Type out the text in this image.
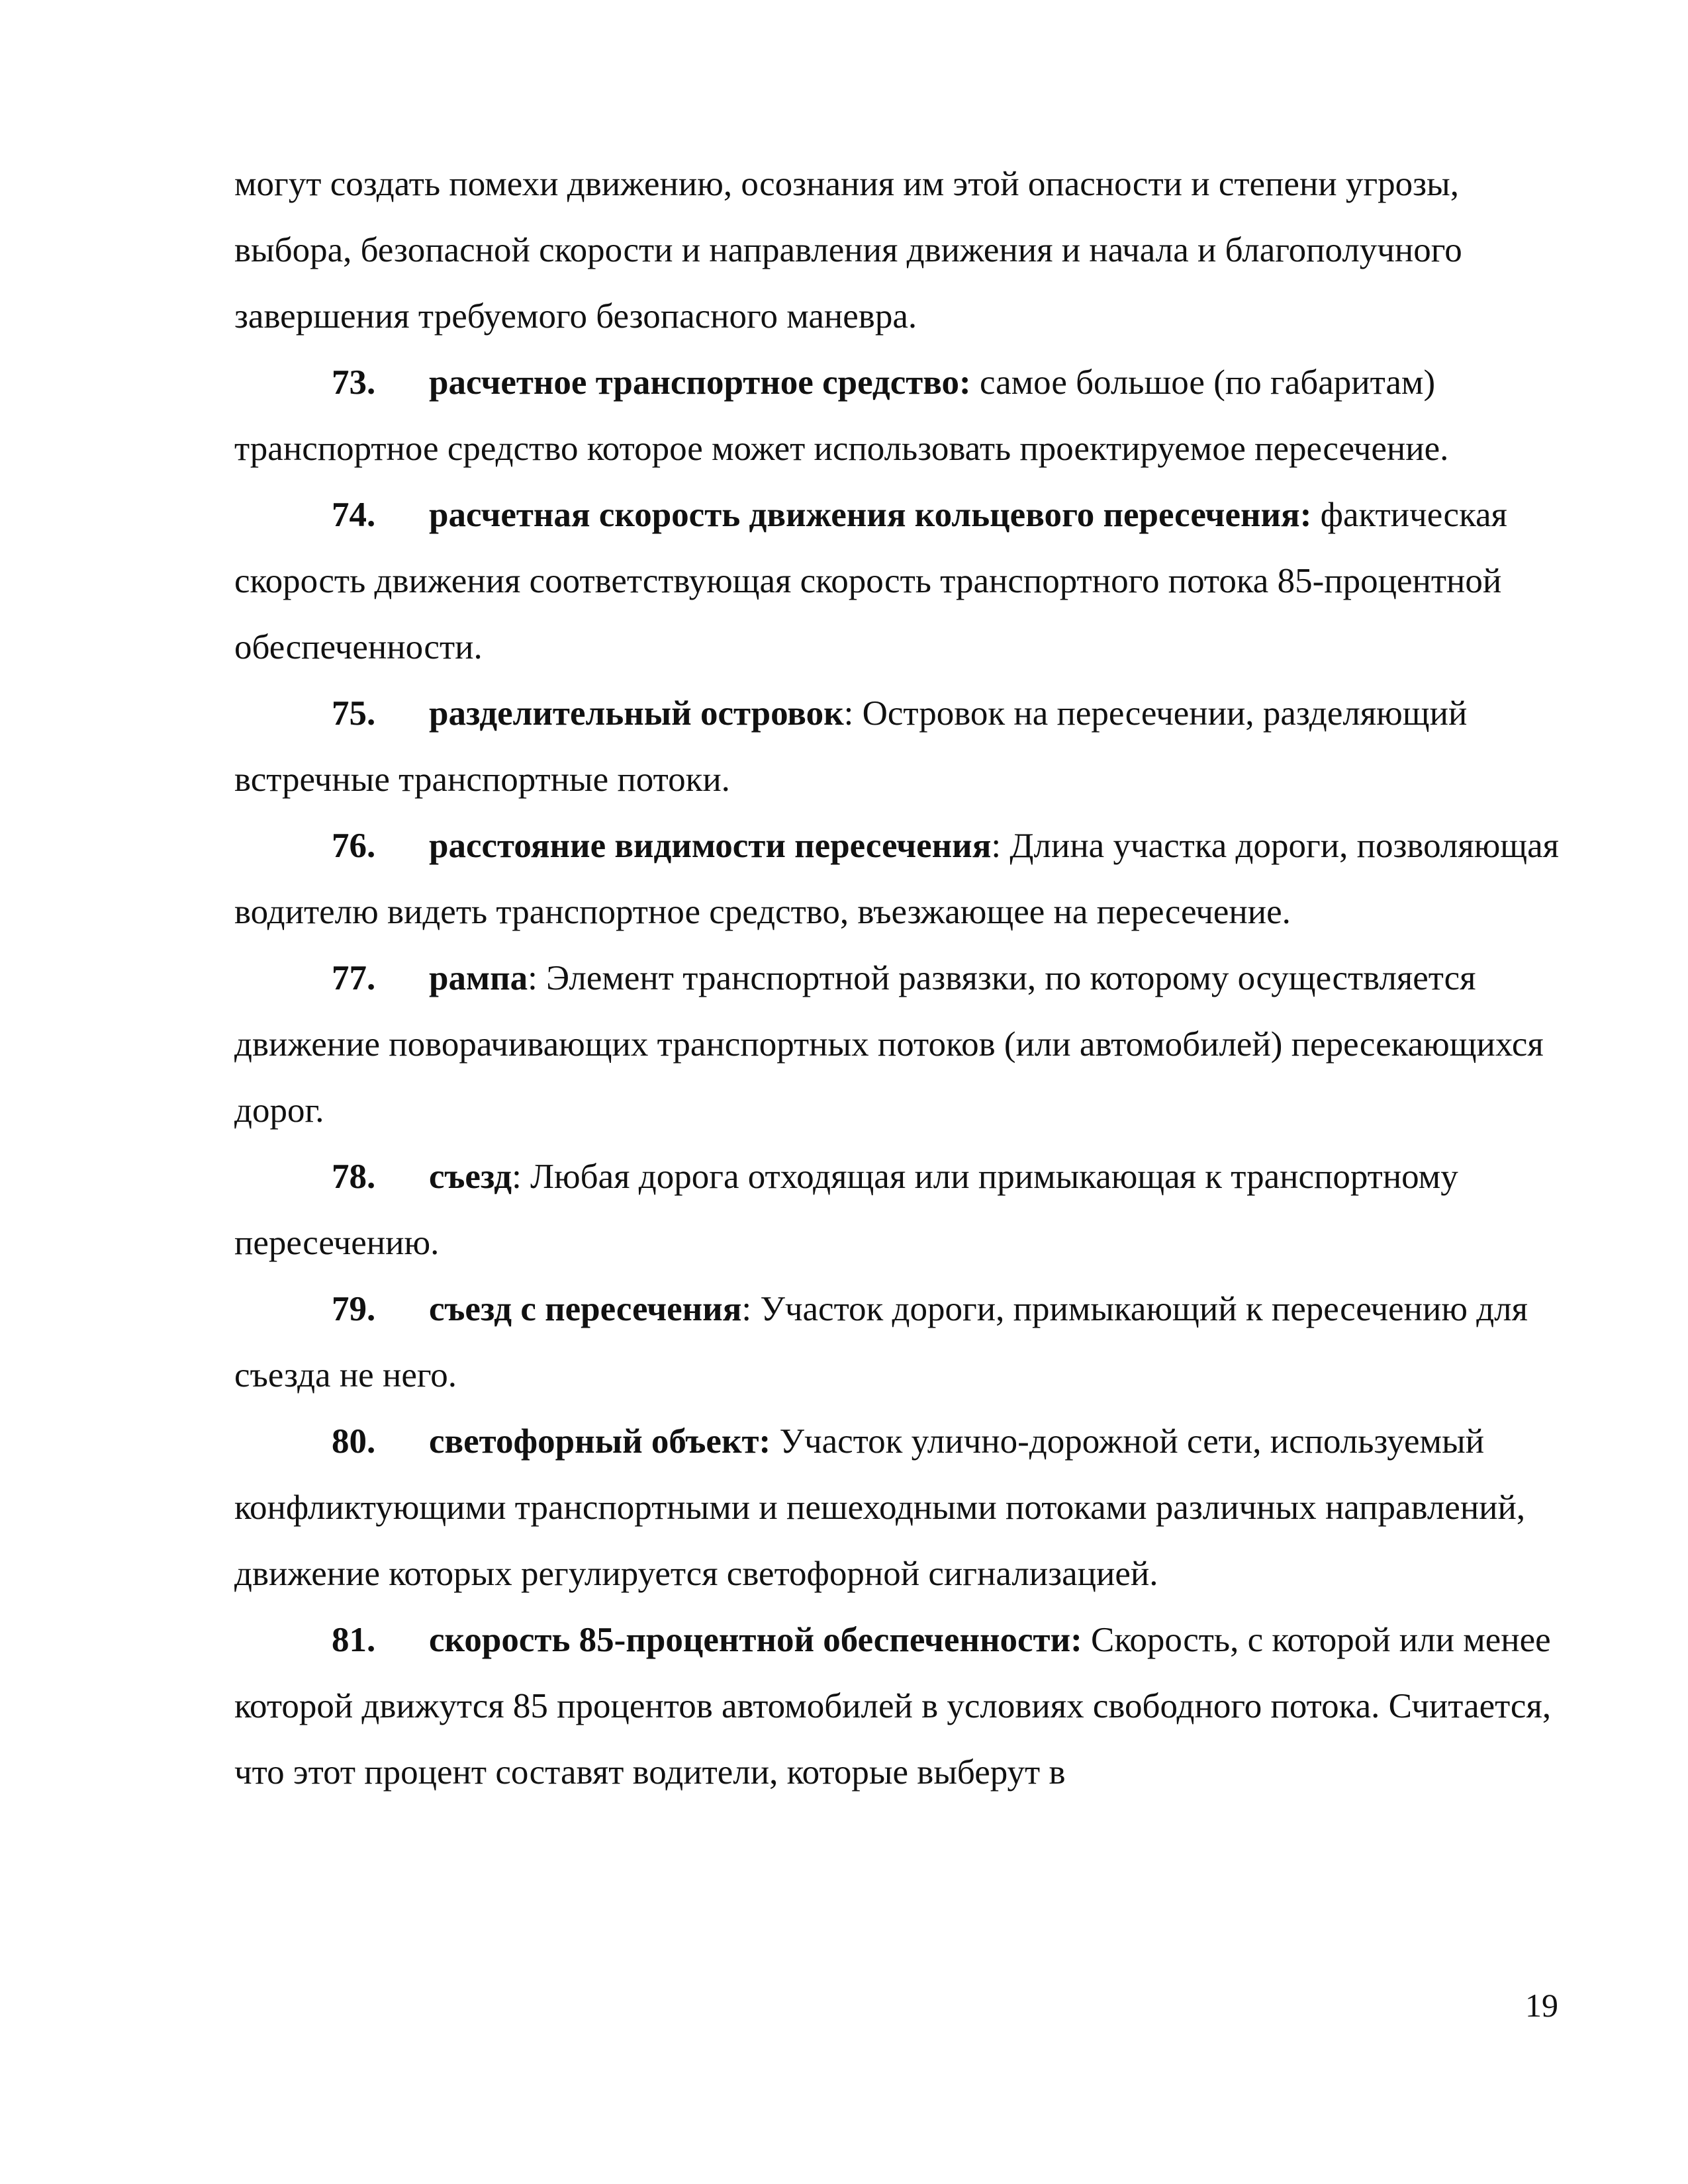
могут создать помехи движению, осознания им этой опасности и степени угрозы, выбора, безопасной скорости и направления движения и начала и благополучного завершения требуемого безопасного маневра.

73. расчетное транспортное средство: самое большое (по габаритам) транспортное средство которое может использовать проектируемое пересечение.

74. расчетная скорость движения кольцевого пересечения: фактическая скорость движения соответствующая скорость транспортного потока 85-процентной обеспеченности.

75. разделительный островок: Островок на пересечении, разделяющий встречные транспортные потоки.

76. расстояние видимости пересечения: Длина участка дороги, позволяющая водителю видеть транспортное средство, въезжающее на пересечение.

77. рампа: Элемент транспортной развязки, по которому осуществляется движение поворачивающих транспортных потоков (или автомобилей) пересекающихся дорог.

78. съезд: Любая дорога отходящая или примыкающая к транспортному пересечению.

79. съезд с пересечения: Участок дороги, примыкающий к пересечению для съезда не него.

80. светофорный объект: Участок улично-дорожной сети, используемый конфликтующими транспортными и пешеходными потоками различных направлений, движение которых регулируется светофорной сигнализацией.

81. скорость 85-процентной обеспеченности: Скорость, с которой или менее которой движутся 85 процентов автомобилей в условиях свободного потока. Считается, что этот процент составят водители, которые выберут в

19
